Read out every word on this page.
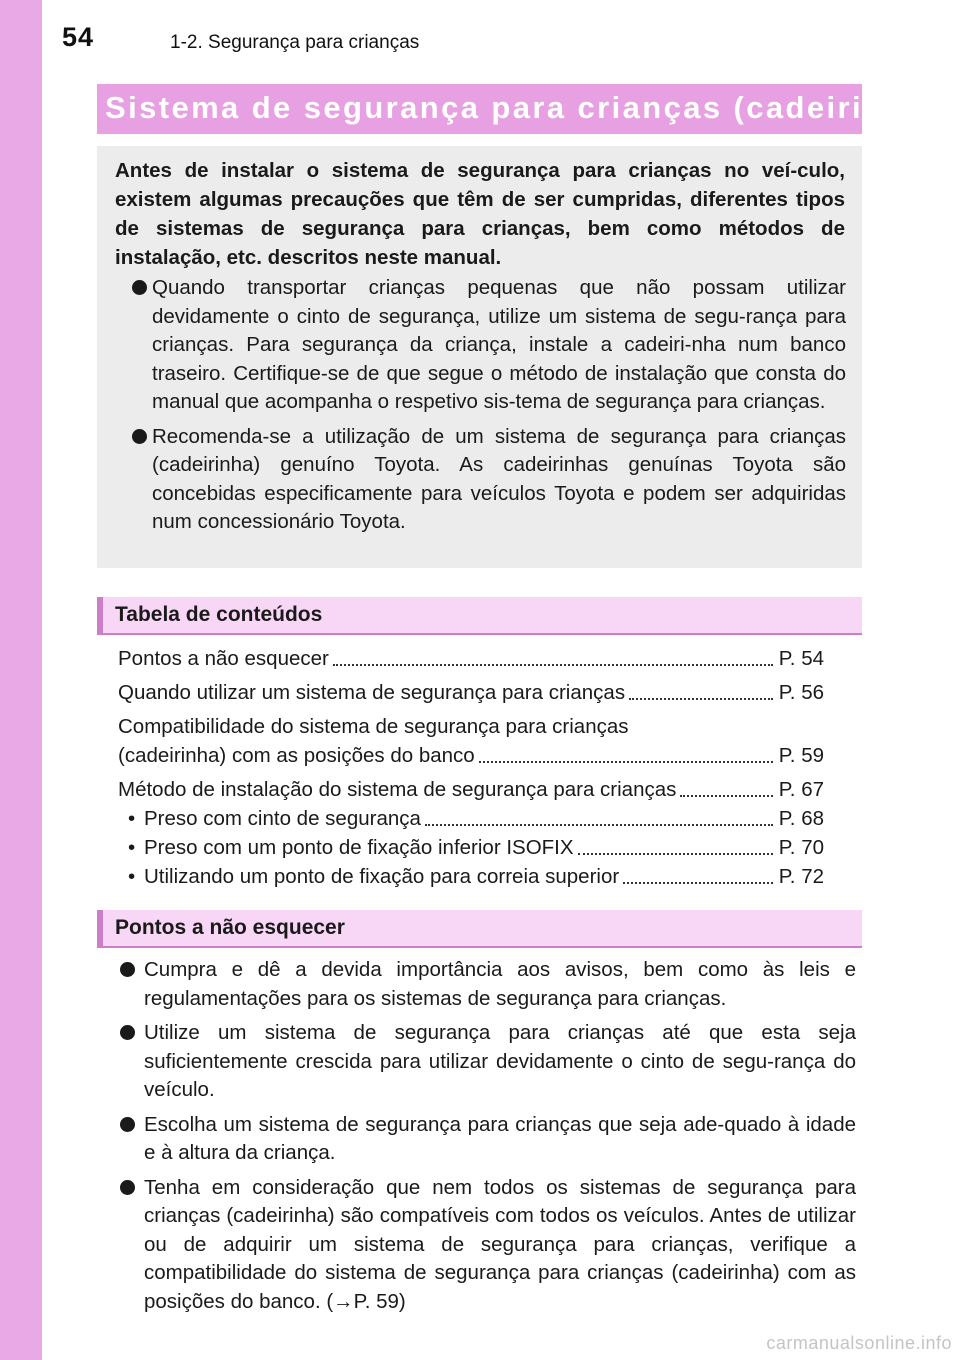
54	1-2. Segurança para crianças
Sistema de segurança para crianças (cadeirinha)
Antes de instalar o sistema de segurança para crianças no veí-culo, existem algumas precauções que têm de ser cumpridas, diferentes tipos de sistemas de segurança para crianças, bem como métodos de instalação, etc. descritos neste manual.
Quando transportar crianças pequenas que não possam utilizar devidamente o cinto de segurança, utilize um sistema de segu-rança para crianças. Para segurança da criança, instale a cadeiri-nha num banco traseiro. Certifique-se de que segue o método de instalação que consta do manual que acompanha o respetivo sis-tema de segurança para crianças.
Recomenda-se a utilização de um sistema de segurança para crianças (cadeirinha) genuíno Toyota. As cadeirinhas genuínas Toyota são concebidas especificamente para veículos Toyota e podem ser adquiridas num concessionário Toyota.
Tabela de conteúdos
Pontos a não esquecer	P. 54
Quando utilizar um sistema de segurança para crianças	P. 56
Compatibilidade do sistema de segurança para crianças
(cadeirinha) com as posições do banco	P. 59
Método de instalação do sistema de segurança para crianças	P. 67
• Preso com cinto de segurança	P. 68
• Preso com um ponto de fixação inferior ISOFIX	P. 70
• Utilizando um ponto de fixação para correia superior	P. 72
Pontos a não esquecer
Cumpra e dê a devida importância aos avisos, bem como às leis e regulamentações para os sistemas de segurança para crianças.
Utilize um sistema de segurança para crianças até que esta seja suficientemente crescida para utilizar devidamente o cinto de segu-rança do veículo.
Escolha um sistema de segurança para crianças que seja ade-quado à idade e à altura da criança.
Tenha em consideração que nem todos os sistemas de segurança para crianças (cadeirinha) são compatíveis com todos os veículos. Antes de utilizar ou de adquirir um sistema de segurança para crianças, verifique a compatibilidade do sistema de segurança para crianças (cadeirinha) com as posições do banco. (→P. 59)
carmanualsonline.info
